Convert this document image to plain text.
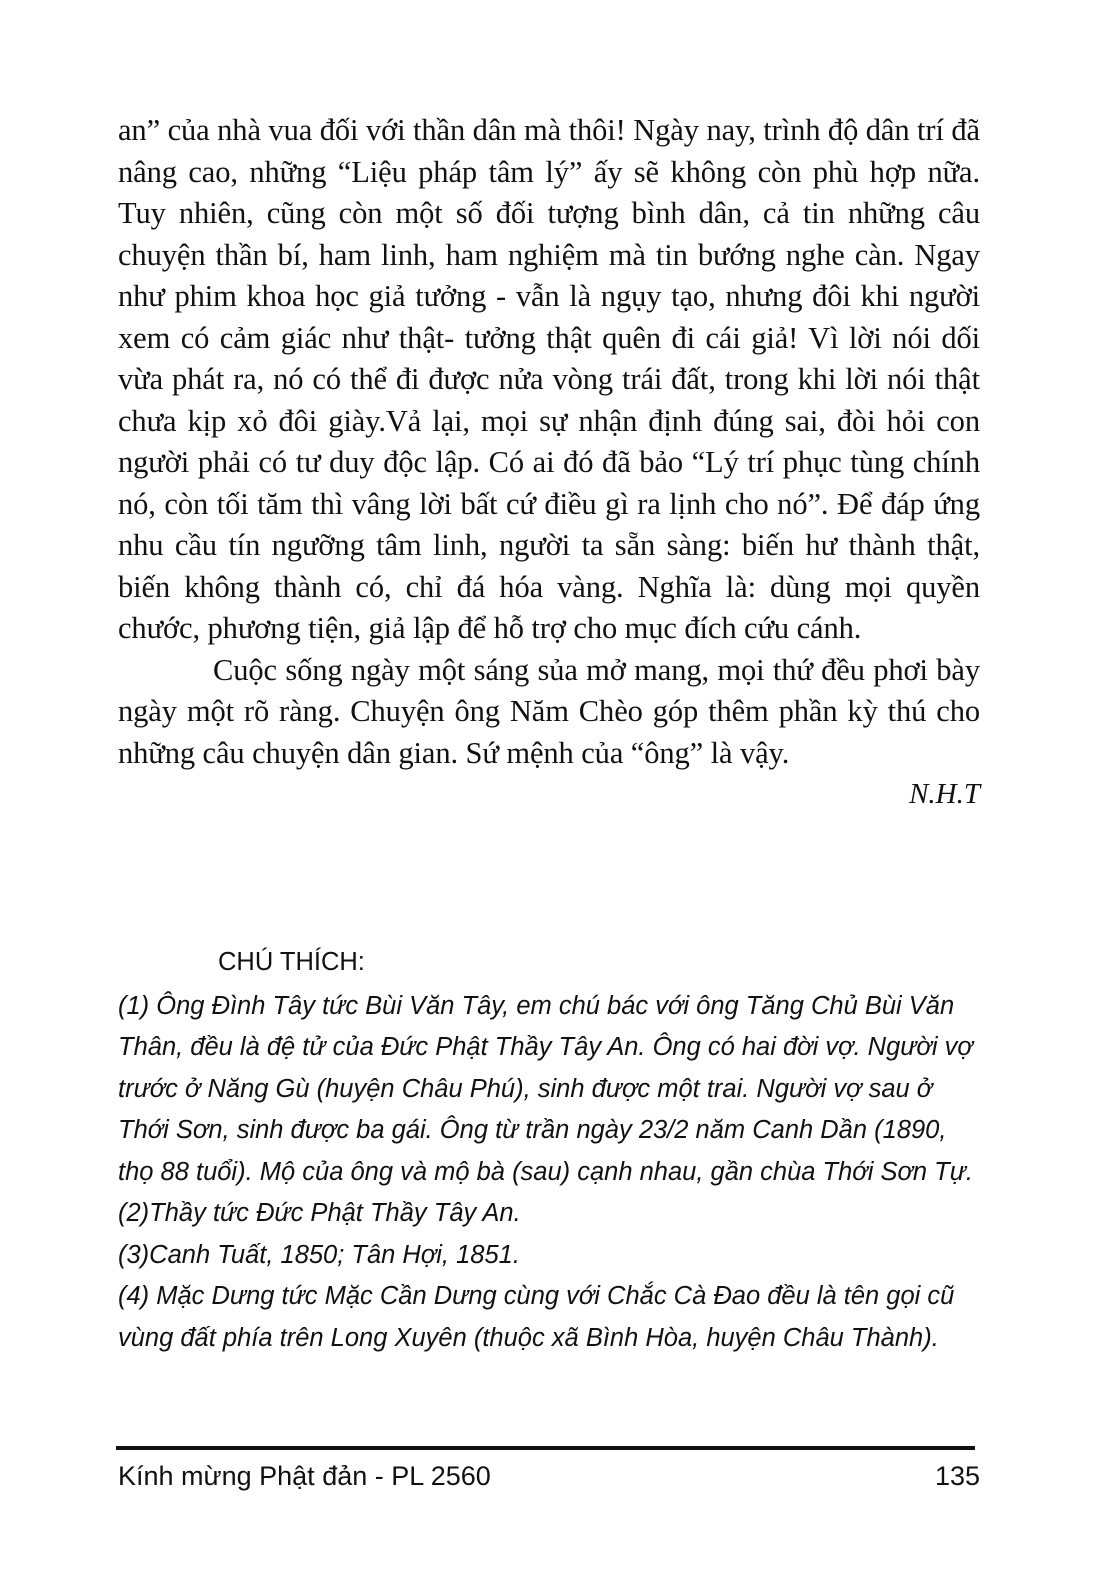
an” của nhà vua đối với thần dân mà thôi! Ngày nay, trình độ dân trí đã nâng cao, những “Liệu pháp tâm lý” ấy sẽ không còn phù hợp nữa. Tuy nhiên, cũng còn một số đối tượng bình dân, cả tin những câu chuyện thần bí, ham linh, ham nghiệm mà tin bướng nghe càn. Ngay như phim khoa học giả tưởng - vẫn là ngụy tạo, nhưng đôi khi người xem có cảm giác như thật- tưởng thật quên đi cái giả! Vì lời nói dối vừa phát ra, nó có thể đi được nửa vòng trái đất, trong khi lời nói thật chưa kịp xỏ đôi giày.Vả lại, mọi sự nhận định đúng sai, đòi hỏi con người phải có tư duy độc lập. Có ai đó đã bảo “Lý trí phục tùng chính nó, còn tối tăm thì vâng lời bất cứ điều gì ra lịnh cho nó”. Để đáp ứng nhu cầu tín ngưỡng tâm linh, người ta sẵn sàng: biến hư thành thật, biến không thành có, chỉ đá hóa vàng. Nghĩa là: dùng mọi quyền chước, phương tiện, giả lập để hỗ trợ cho mục đích cứu cánh.

Cuộc sống ngày một sáng sủa mở mang, mọi thứ đều phơi bày ngày một rõ ràng. Chuyện ông Năm Chèo góp thêm phần kỳ thú cho những câu chuyện dân gian. Sứ mệnh của “ông” là vậy.

N.H.T

CHÚ THÍCH:

(1) Ông Đình Tây tức Bùi Văn Tây, em chú bác với ông Tăng Chủ Bùi Văn Thân, đều là đệ tử của Đức Phật Thầy Tây An. Ông có hai đời vợ. Người vợ trước ở Năng Gù (huyện Châu Phú), sinh được một trai. Người vợ sau ở Thới Sơn, sinh được ba gái. Ông từ trần ngày 23/2 năm Canh Dần (1890, thọ 88 tuổi). Mộ của ông và mộ bà (sau) cạnh nhau, gần chùa Thới Sơn Tự.

(2)Thầy tức Đức Phật Thầy Tây An.

(3)Canh Tuất, 1850; Tân Hợi, 1851.

(4) Mặc Dưng tức Mặc Cần Dưng cùng với Chắc Cà Đao đều là tên gọi cũ vùng đất phía trên Long Xuyên (thuộc xã Bình Hòa, huyện Châu Thành).

Kính mừng Phật đản - PL 2560	135
